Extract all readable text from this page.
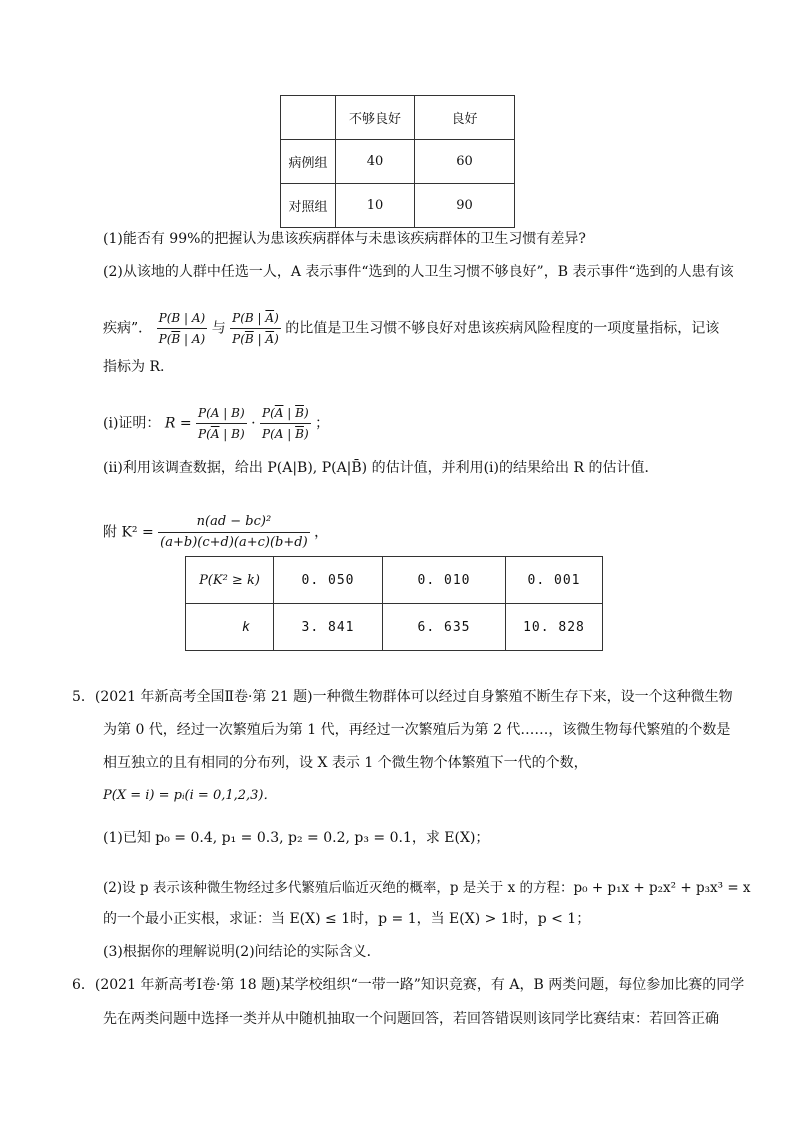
	不够良好	良好
病例组	40	60
对照组	10	90
(1)能否有 99%的把握认为患该疾病群体与未患该疾病群体的卫生习惯有差异?
(2)从该地的人群中任选一人，A 表示事件“选到的人卫生习惯不够良好”，B 表示事件“选到的人患有该
疾病”． $\frac{P(B | A)}{P(\overline{B} | A)}$ 与 $\frac{P(B | \overline{A})}{P(\overline{B} | \overline{A})}$ 的比值是卫生习惯不够良好对患该疾病风险程度的一项度量指标，记该
指标为 R.
(ⅰ)证明： $R = \frac{P(A | B)}{P(\overline{A} | B)} \cdot \frac{P(\overline{A} | \overline{B})}{P(A | \overline{B})}$ ；
(ⅱ)利用该调查数据，给出 P(A|B), P(A|B̄) 的估计值，并利用(ⅰ)的结果给出 R 的估计值．
附 $K^2 = \frac{\text{n(ad − bc)²}}{(a+b)(c+d)(a+c)(b+d)}$ ，
P(K² ≥ k)	0. 050	0. 010	0. 001
k	3. 841	6. 635	10. 828
5．(2021 年新高考全国Ⅱ卷·第 21 题)一种微生物群体可以经过自身繁殖不断生存下来，设一个这种微生物
为第 0 代，经过一次繁殖后为第 1 代，再经过一次繁殖后为第 2 代……，该微生物每代繁殖的个数是
相互独立的且有相同的分布列，设 X 表示 1 个微生物个体繁殖下一代的个数，
P(X = i) = pᵢ(i = 0,1,2,3)．
(1)已知 p₀ = 0.4, p₁ = 0.3, p₂ = 0.2, p₃ = 0.1，求 E(X)；
(2)设 p 表示该种微生物经过多代繁殖后临近灭绝的概率，p 是关于 x 的方程：p₀ + p₁x + p₂x² + p₃x³ = x
的一个最小正实根，求证：当 E(X) ≤ 1时，p = 1，当 E(X) > 1时，p < 1；
(3)根据你的理解说明(2)问结论的实际含义．
6．(2021 年新高考Ⅰ卷·第 18 题)某学校组织“一带一路”知识竞赛，有 A，B 两类问题，每位参加比赛的同学
先在两类问题中选择一类并从中随机抽取一个问题回答，若回答错误则该同学比赛结束：若回答正确
